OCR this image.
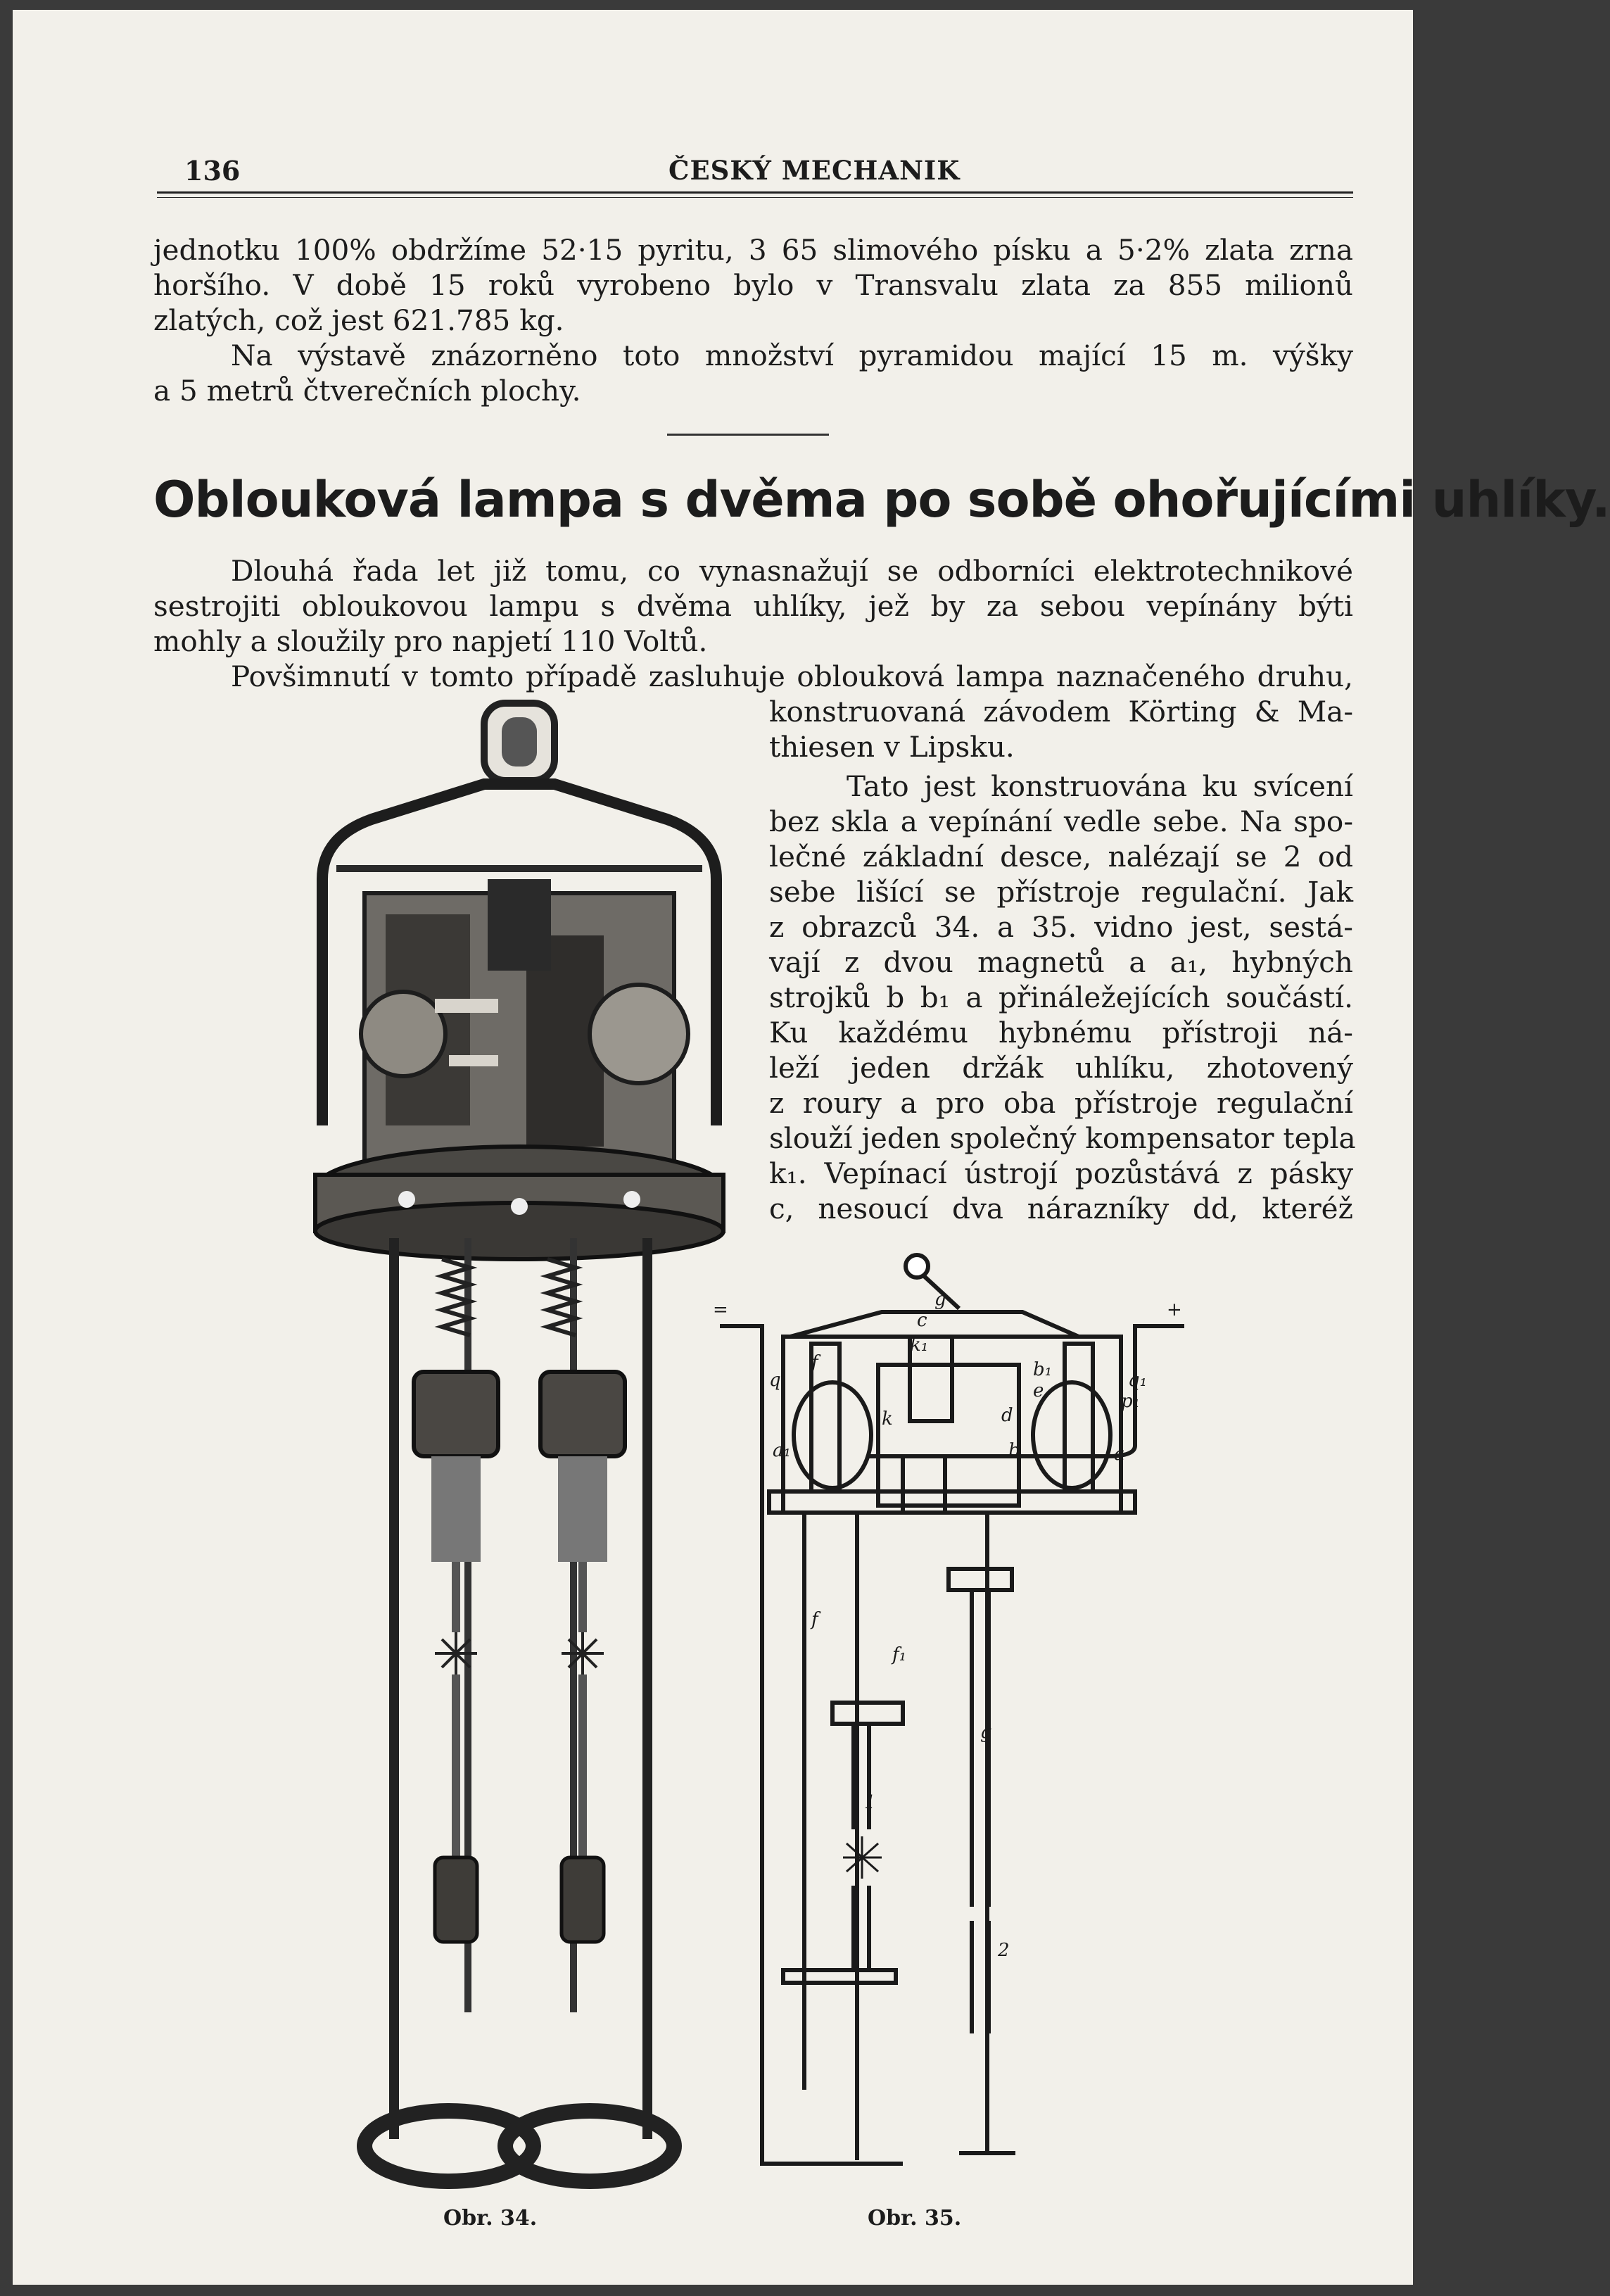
136	ČESKÝ MECHANIK
jednotku 100% obdržíme 52·15 pyritu, 3 65 slimového písku a 5·2% zlata zrna
horšího. V době 15 roků vyrobeno bylo v Transvalu zlata za 855 milionů
zlatých, což jest 621.785 kg.
Na výstavě znázorněno toto množství pyramidou mající 15 m. výšky
a 5 metrů čtverečních plochy.
Oblouková lampa s dvěma po sobě ohořujícími uhlíky.
Dlouhá řada let již tomu, co vynasnažují se odborníci elektrotechnikové
sestrojiti obloukovou lampu s dvěma uhlíky, jež by za sebou vepínány býti
mohly a sloužily pro napjetí 110 Voltů.
Povšimnutí v tomto případě zasluhuje oblouková lampa naznačeného druhu,
konstruovaná závodem Körting & Ma-
thiesen v Lipsku.
Tato jest konstruována ku svícení
bez skla a vepínání vedle sebe. Na spo-
lečné základní desce, nalézají se 2 od
sebe lišící se přístroje regulační. Jak
z obrazců 34. a 35. vidno jest, sestá-
vají z dvou magnetů a a₁, hybných
strojků b b₁ a přináležejících součástí.
Ku každému hybnému přístroji ná-
leží jeden držák uhlíku, zhotovený
z roury a pro oba přístroje regulační
slouží jeden společný kompensator tepla
k₁. Vepínací ústrojí pozůstává z pásky
c, nesoucí dva nárazníky dd, kteréž
Obr. 34.
=	+
q	q₁
f
c
g
k₁
b₁
e	p₁
a₁	a
k	d
b
f
f₁
g
1
2
Obr. 35.
